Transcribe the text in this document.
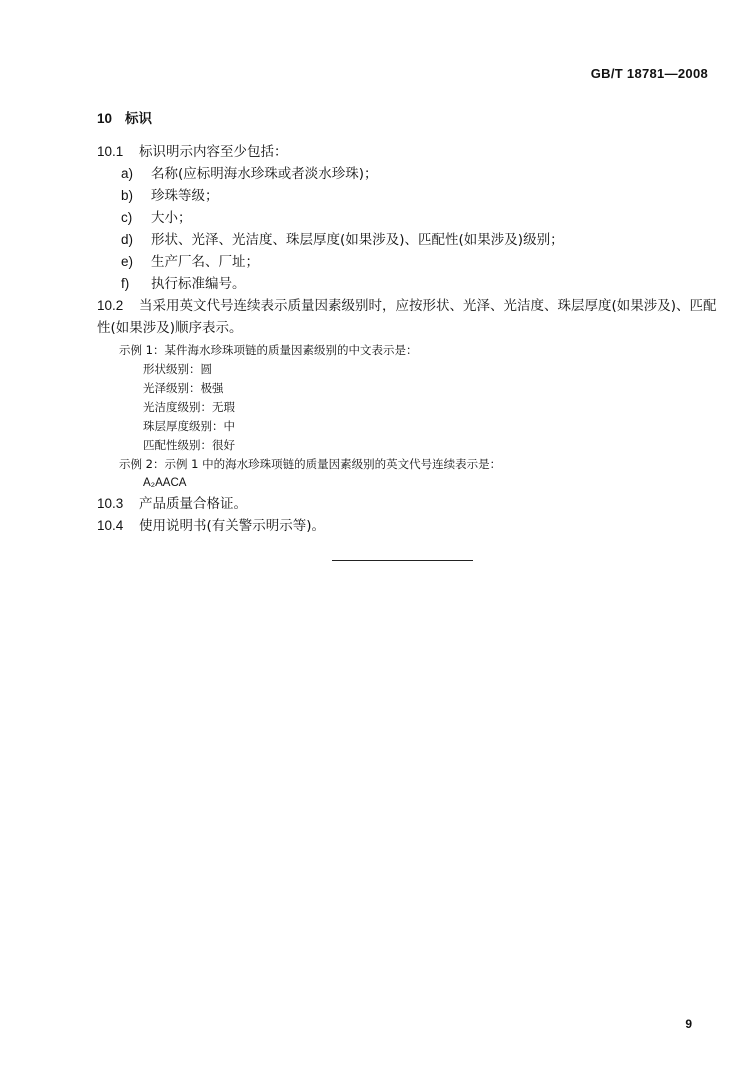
GB/T 18781—2008
10 标识
10.1 标识明示内容至少包括：
a) 名称(应标明海水珍珠或者淡水珍珠)；
b) 珍珠等级；
c) 大小；
d) 形状、光泽、光洁度、珠层厚度(如果涉及)、匹配性(如果涉及)级别；
e) 生产厂名、厂址；
f) 执行标准编号。
10.2 当采用英文代号连续表示质量因素级别时，应按形状、光泽、光洁度、珠层厚度(如果涉及)、匹配
性(如果涉及)顺序表示。
示例 1：某件海水珍珠项链的质量因素级别的中文表示是：
形状级别：圆
光泽级别：极强
光洁度级别：无瑕
珠层厚度级别：中
匹配性级别：很好
示例 2：示例 1 中的海水珍珠项链的质量因素级别的英文代号连续表示是：
A₂AACA
10.3 产品质量合格证。
10.4 使用说明书(有关警示明示等)。
9
